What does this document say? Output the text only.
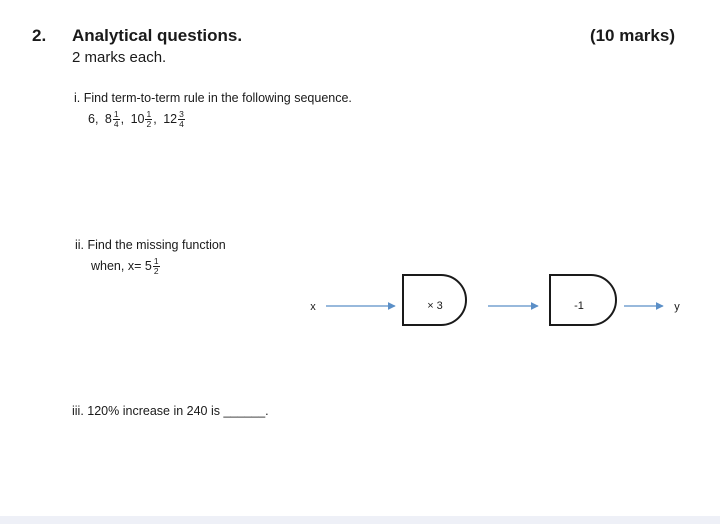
2. Analytical questions.	(10 marks)
2 marks each.
i. Find term-to-term rule in the following sequence.
6, $8 \frac{1}{4}$ , $10 \frac{1}{2}$ , $12 \frac{3}{4}$
ii. Find the missing function
when, $x= 5 \frac{1}{2}$
x	× 3	-1	y
iii. 120% increase in 240 is ______.
